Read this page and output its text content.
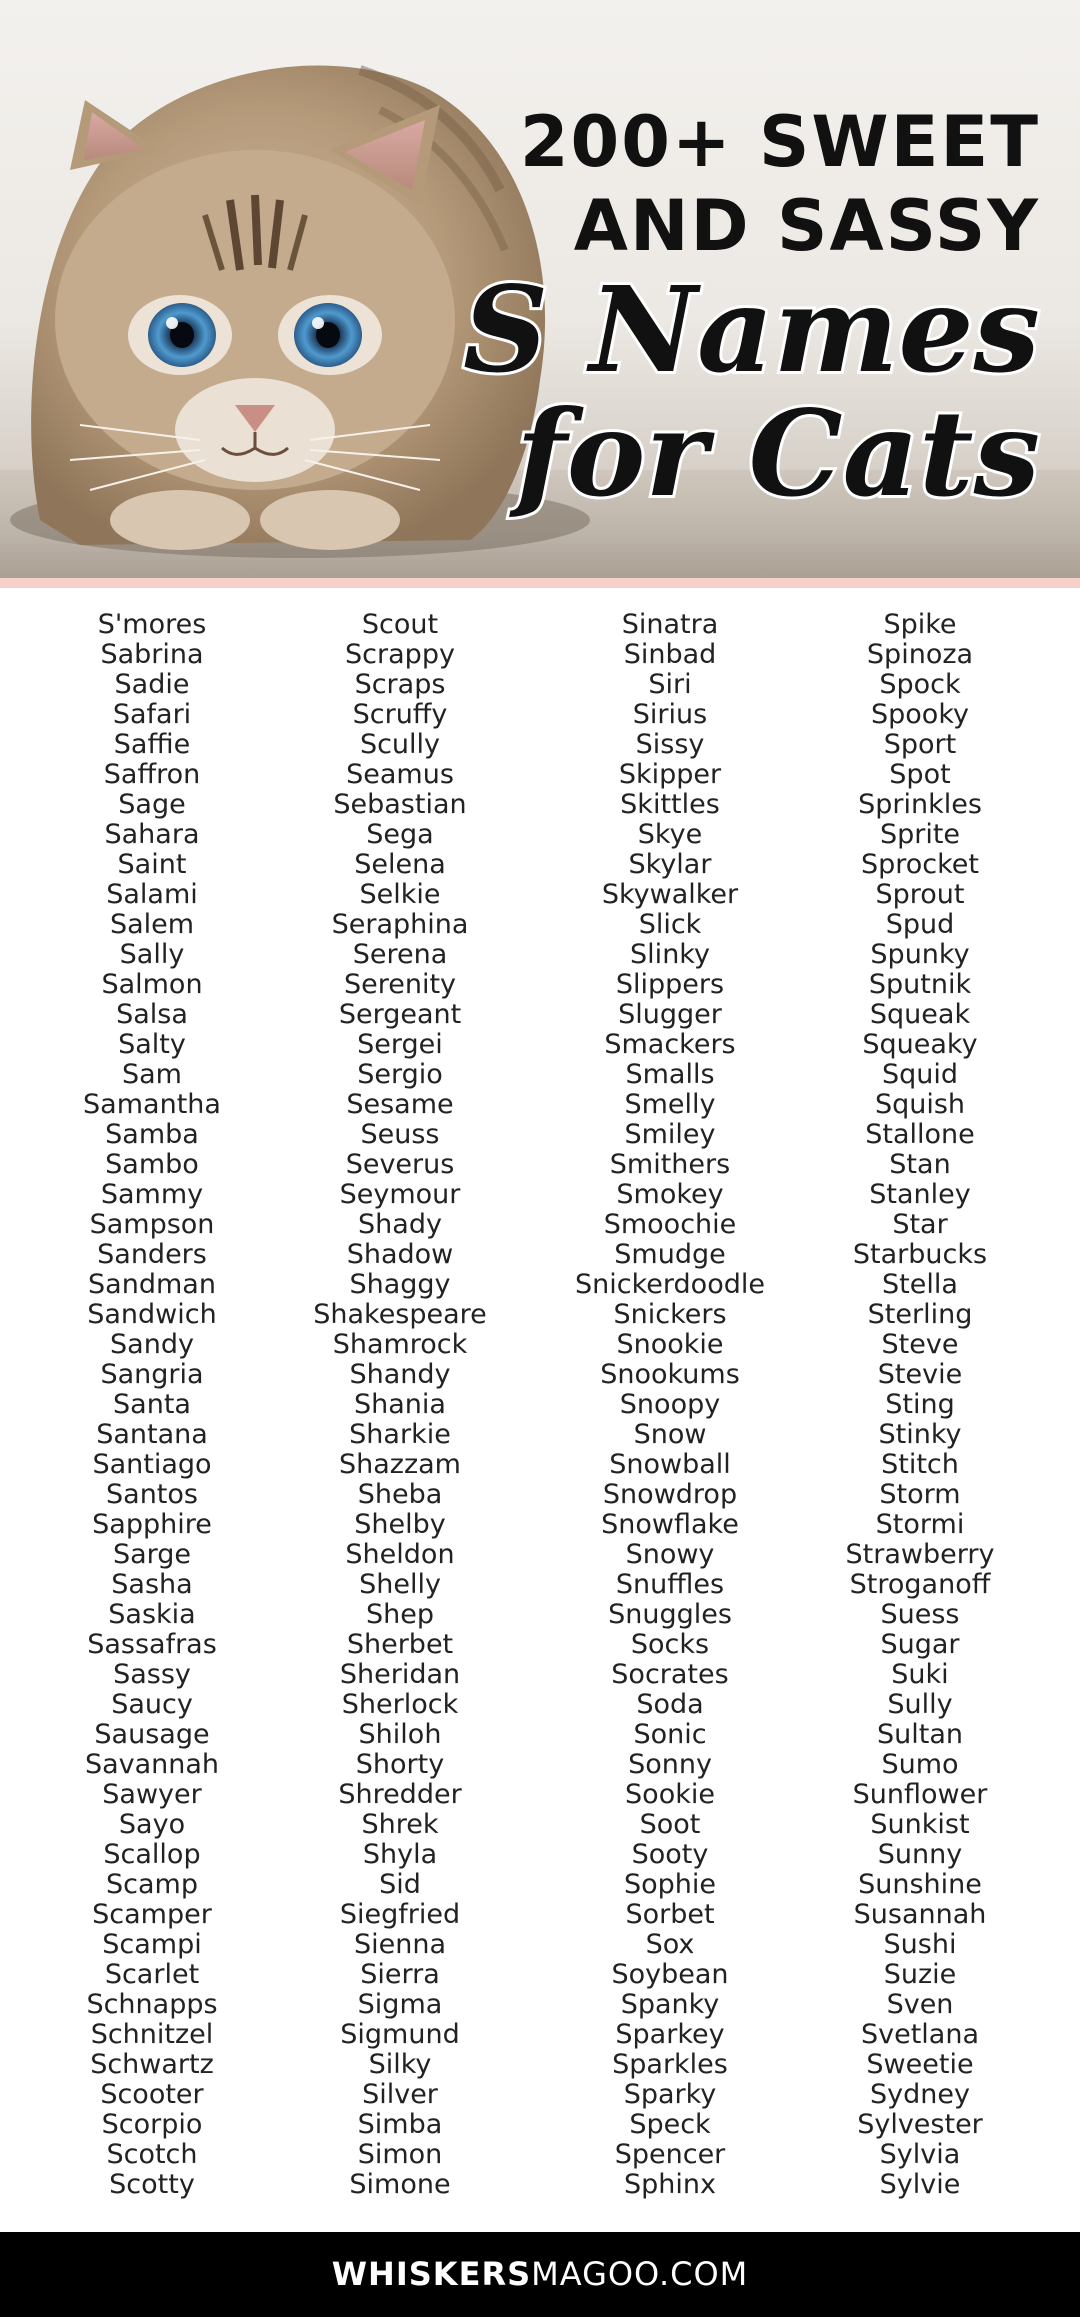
200+ SWEET
AND SASSY
S Names
for Cats
S'mores
Sabrina
Sadie
Safari
Saffie
Saffron
Sage
Sahara
Saint
Salami
Salem
Sally
Salmon
Salsa
Salty
Sam
Samantha
Samba
Sambo
Sammy
Sampson
Sanders
Sandman
Sandwich
Sandy
Sangria
Santa
Santana
Santiago
Santos
Sapphire
Sarge
Sasha
Saskia
Sassafras
Sassy
Saucy
Sausage
Savannah
Sawyer
Sayo
Scallop
Scamp
Scamper
Scampi
Scarlet
Schnapps
Schnitzel
Schwartz
Scooter
Scorpio
Scotch
Scotty
Scout
Scrappy
Scraps
Scruffy
Scully
Seamus
Sebastian
Sega
Selena
Selkie
Seraphina
Serena
Serenity
Sergeant
Sergei
Sergio
Sesame
Seuss
Severus
Seymour
Shady
Shadow
Shaggy
Shakespeare
Shamrock
Shandy
Shania
Sharkie
Shazzam
Sheba
Shelby
Sheldon
Shelly
Shep
Sherbet
Sheridan
Sherlock
Shiloh
Shorty
Shredder
Shrek
Shyla
Sid
Siegfried
Sienna
Sierra
Sigma
Sigmund
Silky
Silver
Simba
Simon
Simone
Sinatra
Sinbad
Siri
Sirius
Sissy
Skipper
Skittles
Skye
Skylar
Skywalker
Slick
Slinky
Slippers
Slugger
Smackers
Smalls
Smelly
Smiley
Smithers
Smokey
Smoochie
Smudge
Snickerdoodle
Snickers
Snookie
Snookums
Snoopy
Snow
Snowball
Snowdrop
Snowflake
Snowy
Snuffles
Snuggles
Socks
Socrates
Soda
Sonic
Sonny
Sookie
Soot
Sooty
Sophie
Sorbet
Sox
Soybean
Spanky
Sparkey
Sparkles
Sparky
Speck
Spencer
Sphinx
Spike
Spinoza
Spock
Spooky
Sport
Spot
Sprinkles
Sprite
Sprocket
Sprout
Spud
Spunky
Sputnik
Squeak
Squeaky
Squid
Squish
Stallone
Stan
Stanley
Star
Starbucks
Stella
Sterling
Steve
Stevie
Sting
Stinky
Stitch
Storm
Stormi
Strawberry
Stroganoff
Suess
Sugar
Suki
Sully
Sultan
Sumo
Sunflower
Sunkist
Sunny
Sunshine
Susannah
Sushi
Suzie
Sven
Svetlana
Sweetie
Sydney
Sylvester
Sylvia
Sylvie
WHISKERSMAGOO.COM
